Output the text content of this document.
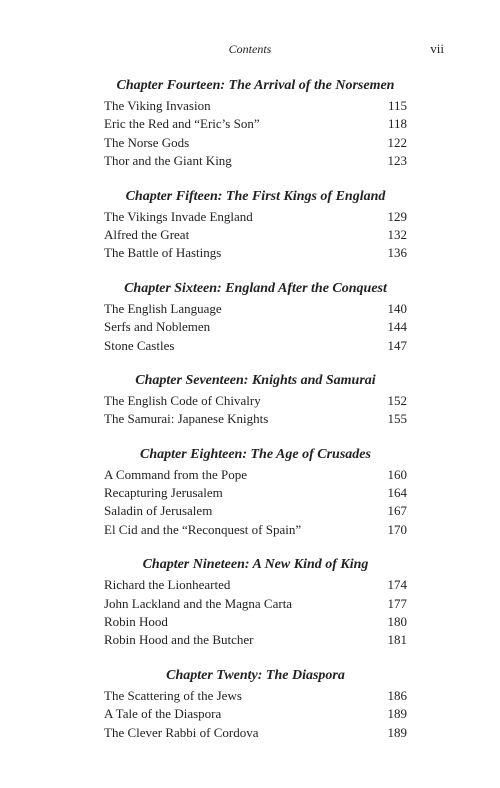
Contents	vii
Chapter Fourteen: The Arrival of the Norsemen
The Viking Invasion	115
Eric the Red and “Eric’s Son”	118
The Norse Gods	122
Thor and the Giant King	123
Chapter Fifteen: The First Kings of England
The Vikings Invade England	129
Alfred the Great	132
The Battle of Hastings	136
Chapter Sixteen: England After the Conquest
The English Language	140
Serfs and Noblemen	144
Stone Castles	147
Chapter Seventeen: Knights and Samurai
The English Code of Chivalry	152
The Samurai: Japanese Knights	155
Chapter Eighteen: The Age of Crusades
A Command from the Pope	160
Recapturing Jerusalem	164
Saladin of Jerusalem	167
El Cid and the “Reconquest of Spain”	170
Chapter Nineteen: A New Kind of King
Richard the Lionhearted	174
John Lackland and the Magna Carta	177
Robin Hood	180
Robin Hood and the Butcher	181
Chapter Twenty: The Diaspora
The Scattering of the Jews	186
A Tale of the Diaspora	189
The Clever Rabbi of Cordova	189
